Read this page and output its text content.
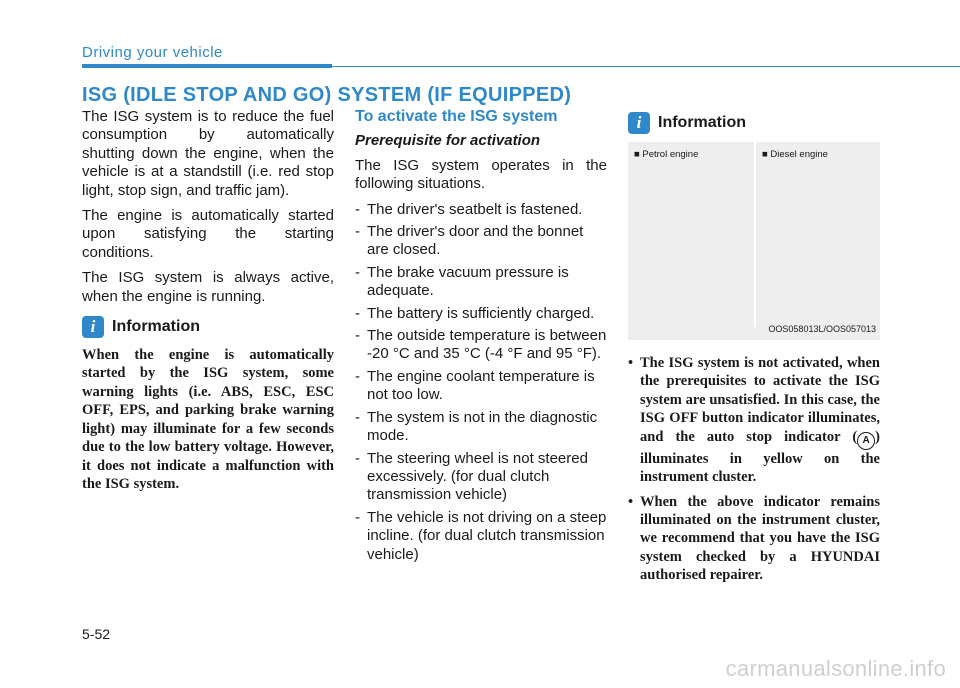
Driving your vehicle
ISG (IDLE STOP AND GO) SYSTEM (IF EQUIPPED)

The ISG system is to reduce the fuel consumption by automatically shutting down the engine, when the vehicle is at a standstill (i.e. red stop light, stop sign, and traffic jam).

The engine is automatically started upon satisfying the starting conditions.

The ISG system is always active, when the engine is running.

i	Information

When the engine is automatically started by the ISG system, some warning lights (i.e. ABS, ESC, ESC OFF, EPS, and parking brake warning light) may illuminate for a few seconds due to the low battery voltage. However, it does not indicate a malfunction with the ISG system.

To activate the ISG system
Prerequisite for activation

The ISG system operates in the following situations.

- The driver's seatbelt is fastened.
- The driver's door and the bonnet are closed.
- The brake vacuum pressure is adequate.
- The battery is sufficiently charged.
- The outside temperature is between -20 °C and 35 °C (-4 °F and 95 °F).
- The engine coolant temperature is not too low.
- The system is not in the diagnostic mode.
- The steering wheel is not steered excessively. (for dual clutch transmission vehicle)
- The vehicle is not driving on a steep incline. (for dual clutch transmission vehicle)
i	Information
■ Petrol engine	■ Diesel engine
OOS058013L/OOS057013
• The ISG system is not activated, when the prerequisites to activate the ISG system are unsatisfied. In this case, the ISG OFF button indicator illuminates, and the auto stop indicator ( A ) illuminates in yellow on the instrument cluster.
• When the above indicator remains illuminated on the instrument cluster, we recommend that you have the ISG system checked by a HYUNDAI authorised repairer.
5-52
carmanualsonline.info
